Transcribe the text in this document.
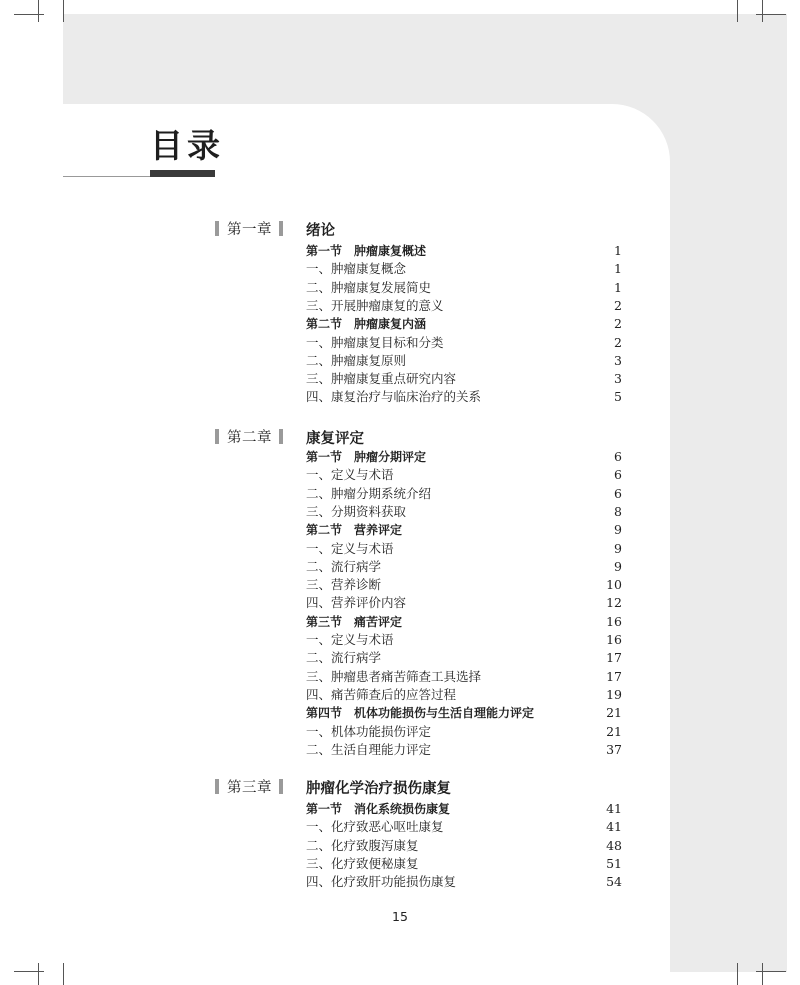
目录
第一章 绪论
第一节　肿瘤康复概述	1
一、肿瘤康复概念	1
二、肿瘤康复发展简史	1
三、开展肿瘤康复的意义	2
第二节　肿瘤康复内涵	2
一、肿瘤康复目标和分类	2
二、肿瘤康复原则	3
三、肿瘤康复重点研究内容	3
四、康复治疗与临床治疗的关系	5
第二章 康复评定
第一节　肿瘤分期评定	6
一、定义与术语	6
二、肿瘤分期系统介绍	6
三、分期资料获取	8
第二节　营养评定	9
一、定义与术语	9
二、流行病学	9
三、营养诊断	10
四、营养评价内容	12
第三节　痛苦评定	16
一、定义与术语	16
二、流行病学	17
三、肿瘤患者痛苦筛查工具选择	17
四、痛苦筛查后的应答过程	19
第四节　机体功能损伤与生活自理能力评定	21
一、机体功能损伤评定	21
二、生活自理能力评定	37
第三章 肿瘤化学治疗损伤康复
第一节　消化系统损伤康复	41
一、化疗致恶心呕吐康复	41
二、化疗致腹泻康复	48
三、化疗致便秘康复	51
四、化疗致肝功能损伤康复	54
15
